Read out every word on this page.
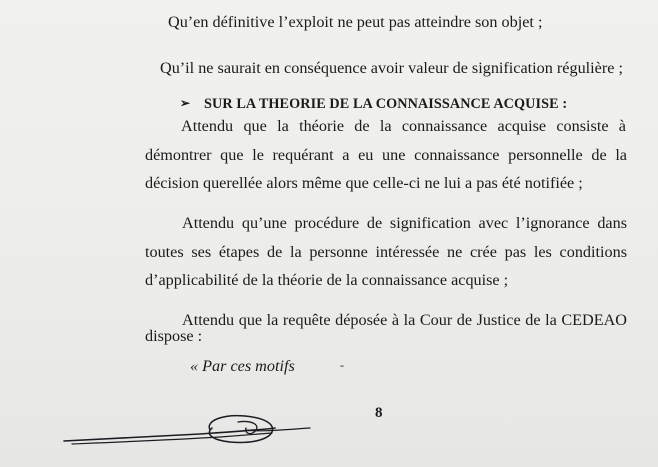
Qu’en définitive l’exploit ne peut pas atteindre son objet ;
Qu’il ne saurait en conséquence avoir valeur de signification régulière ;
➢ SUR LA THEORIE DE LA CONNAISSANCE ACQUISE :
Attendu que la théorie de la connaissance acquise consiste à
démontrer que le requérant a eu une connaissance personnelle de la
décision querellée alors même que celle-ci ne lui a pas été notifiée ;
Attendu qu’une procédure de signification avec l’ignorance dans
toutes ses étapes de la personne intéressée ne crée pas les conditions
d’applicabilité de la théorie de la connaissance acquise ;
Attendu que la requête déposée à la Cour de Justice de la CEDEAO
dispose :
« Par ces motifs	-
8
